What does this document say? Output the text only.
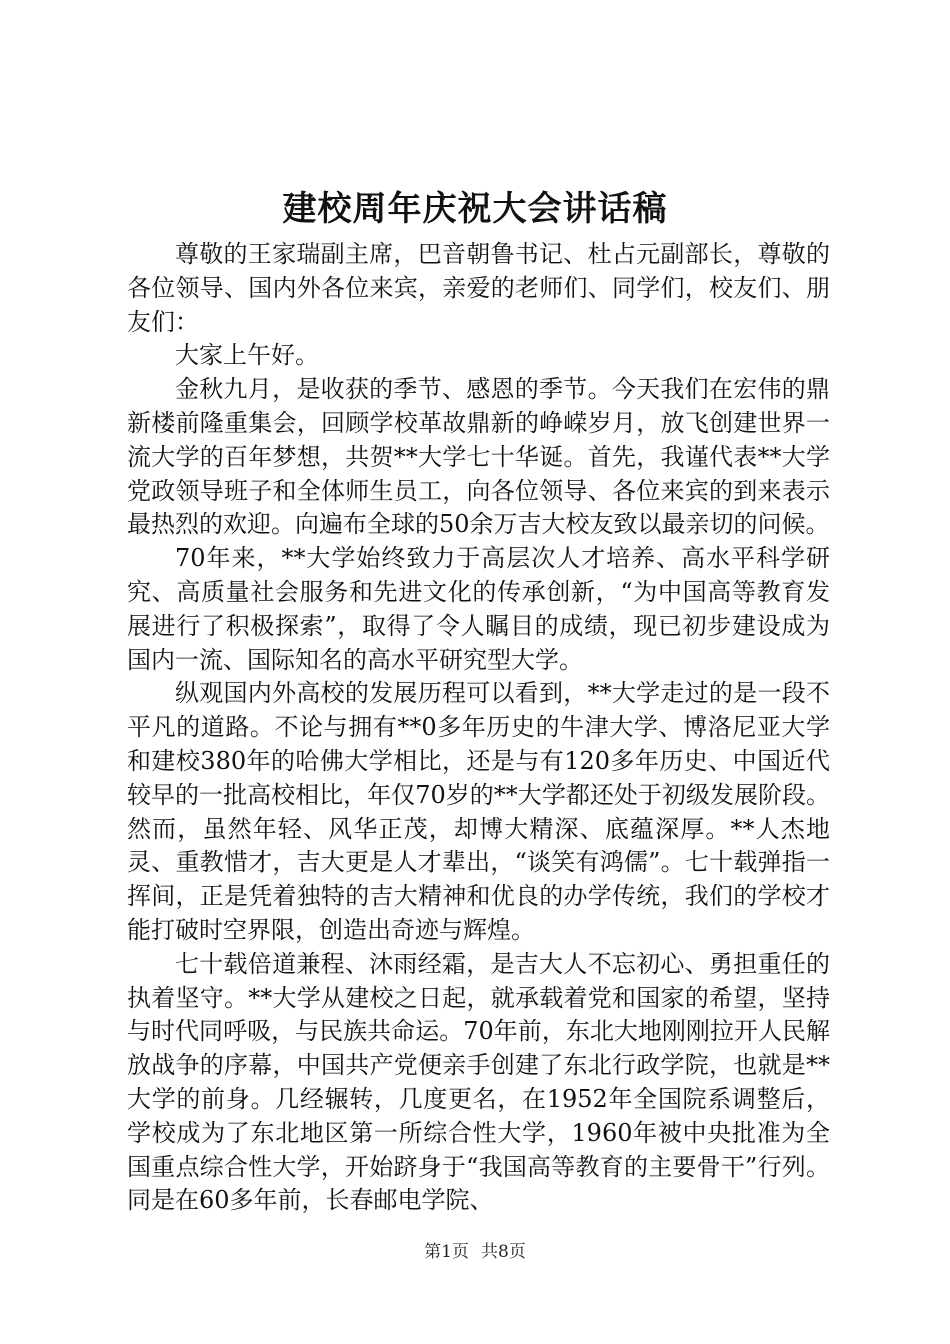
建校周年庆祝大会讲话稿

尊敬的王家瑞副主席，巴音朝鲁书记、杜占元副部长，尊敬的各位领导、国内外各位来宾，亲爱的老师们、同学们，校友们、朋友们：

大家上午好。

金秋九月，是收获的季节、感恩的季节。今天我们在宏伟的鼎新楼前隆重集会，回顾学校革故鼎新的峥嵘岁月，放飞创建世界一流大学的百年梦想，共贺**大学七十华诞。首先，我谨代表**大学党政领导班子和全体师生员工，向各位领导、各位来宾的到来表示最热烈的欢迎。向遍布全球的50余万吉大校友致以最亲切的问候。

70年来，**大学始终致力于高层次人才培养、高水平科学研究、高质量社会服务和先进文化的传承创新，“为中国高等教育发展进行了积极探索”，取得了令人瞩目的成绩，现已初步建设成为国内一流、国际知名的高水平研究型大学。

纵观国内外高校的发展历程可以看到，**大学走过的是一段不平凡的道路。不论与拥有**0多年历史的牛津大学、博洛尼亚大学和建校380年的哈佛大学相比，还是与有120多年历史、中国近代较早的一批高校相比，年仅70岁的**大学都还处于初级发展阶段。然而，虽然年轻、风华正茂，却博大精深、底蕴深厚。**人杰地灵、重教惜才，吉大更是人才辈出，“谈笑有鸿儒”。七十载弹指一挥间，正是凭着独特的吉大精神和优良的办学传统，我们的学校才能打破时空界限，创造出奇迹与辉煌。

七十载倍道兼程、沐雨经霜，是吉大人不忘初心、勇担重任的执着坚守。**大学从建校之日起，就承载着党和国家的希望，坚持与时代同呼吸，与民族共命运。70年前，东北大地刚刚拉开人民解放战争的序幕，中国共产党便亲手创建了东北行政学院，也就是**大学的前身。几经辗转，几度更名，在1952年全国院系调整后，学校成为了东北地区第一所综合性大学，1960年被中央批准为全国重点综合性大学，开始跻身于“我国高等教育的主要骨干”行列。同是在60多年前，长春邮电学院、

第1页 共8页
